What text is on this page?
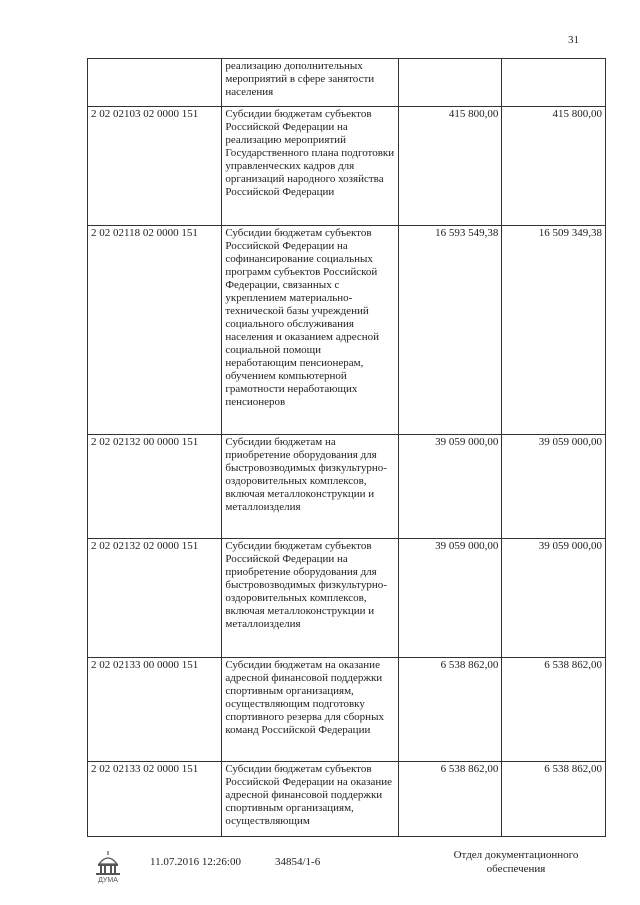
31
	реализацию дополнительных мероприятий в сфере занятости населения		
2 02 02103 02 0000 151	Субсидии бюджетам субъектов Российской Федерации на реализацию мероприятий Государственного плана подготовки управленческих кадров для организаций народного хозяйства Российской Федерации	415 800,00	415 800,00
2 02 02118 02 0000 151	Субсидии бюджетам субъектов Российской Федерации на софинансирование социальных программ субъектов Российской Федерации, связанных с укреплением материально-технической базы учреждений социального обслуживания населения и оказанием адресной социальной помощи неработающим пенсионерам, обучением компьютерной грамотности неработающих пенсионеров	16 593 549,38	16 509 349,38
2 02 02132 00 0000 151	Субсидии бюджетам на приобретение оборудования для быстровозводимых физкультурно-оздоровительных комплексов, включая металлоконструкции и металлоизделия	39 059 000,00	39 059 000,00
2 02 02132 02 0000 151	Субсидии бюджетам субъектов Российской Федерации на приобретение оборудования для быстровозводимых физкультурно-оздоровительных комплексов, включая металлоконструкции и металлоизделия	39 059 000,00	39 059 000,00
2 02 02133 00 0000 151	Субсидии бюджетам на оказание адресной финансовой поддержки спортивным организациям, осуществляющим подготовку спортивного резерва для сборных команд Российской Федерации	6 538 862,00	6 538 862,00
2 02 02133 02 0000 151	Субсидии бюджетам субъектов Российской Федерации на оказание адресной финансовой поддержки спортивным организациям, осуществляющим	6 538 862,00	6 538 862,00
ДУМА
11.07.2016 12:26:00	34854/1-6
Отдел документационного
обеспечения
